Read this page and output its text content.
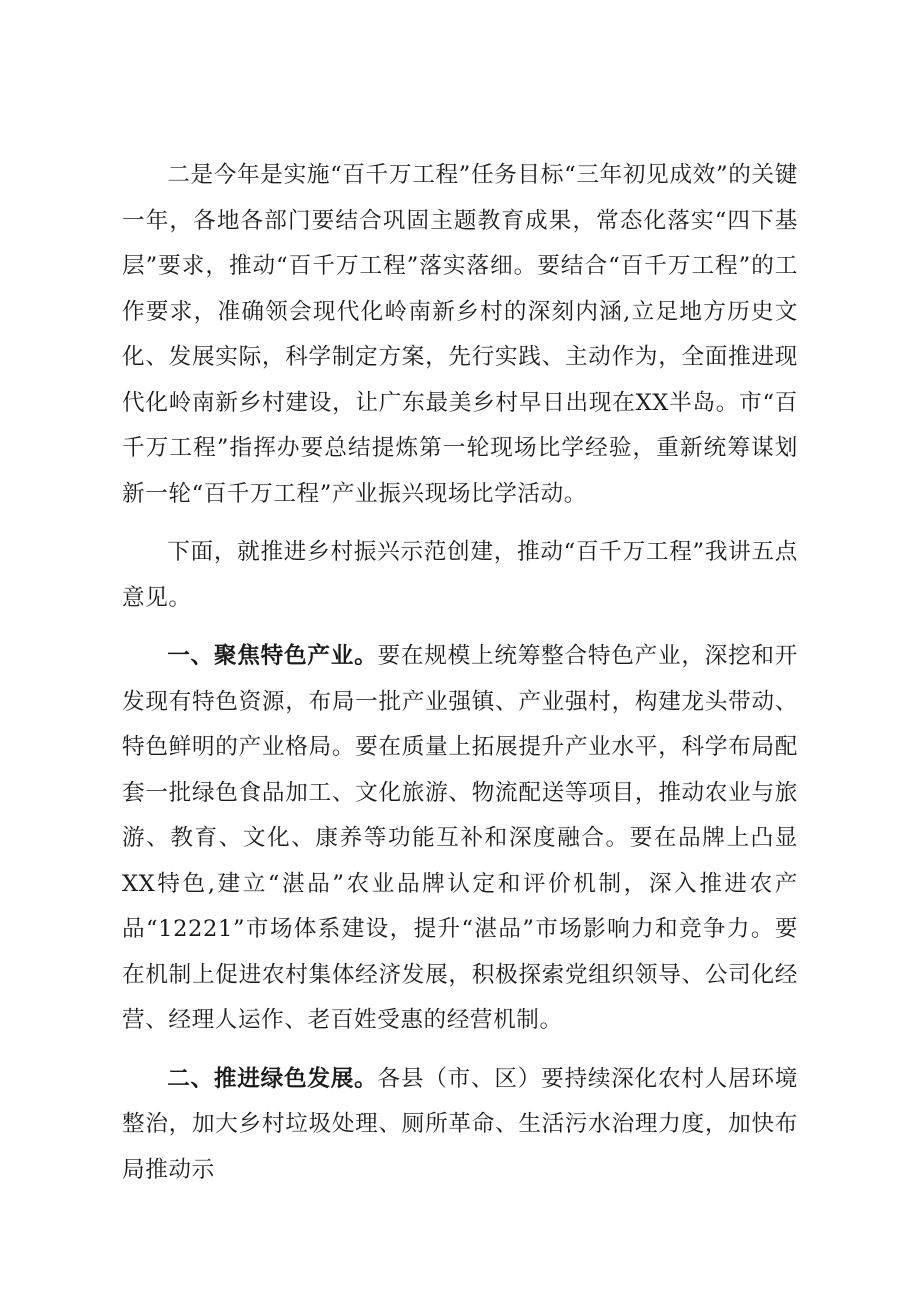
二是今年是实施“百千万工程”任务目标“三年初见成效”的关键一年，各地各部门要结合巩固主题教育成果，常态化落实“四下基层”要求，推动“百千万工程”落实落细。要结合“百千万工程”的工作要求，准确领会现代化岭南新乡村的深刻内涵,立足地方历史文化、发展实际，科学制定方案，先行实践、主动作为，全面推进现代化岭南新乡村建设，让广东最美乡村早日出现在XX半岛。市“百千万工程”指挥办要总结提炼第一轮现场比学经验，重新统筹谋划新一轮“百千万工程”产业振兴现场比学活动。

下面，就推进乡村振兴示范创建，推动“百千万工程”我讲五点意见。

一、聚焦特色产业。要在规模上统筹整合特色产业，深挖和开发现有特色资源，布局一批产业强镇、产业强村，构建龙头带动、特色鲜明的产业格局。要在质量上拓展提升产业水平，科学布局配套一批绿色食品加工、文化旅游、物流配送等项目，推动农业与旅游、教育、文化、康养等功能互补和深度融合。要在品牌上凸显XX特色,建立“湛品”农业品牌认定和评价机制，深入推进农产品“12221”市场体系建设，提升“湛品”市场影响力和竞争力。要在机制上促进农村集体经济发展，积极探索党组织领导、公司化经营、经理人运作、老百姓受惠的经营机制。

二、推进绿色发展。各县（市、区）要持续深化农村人居环境整治，加大乡村垃圾处理、厕所革命、生活污水治理力度，加快布局推动示
